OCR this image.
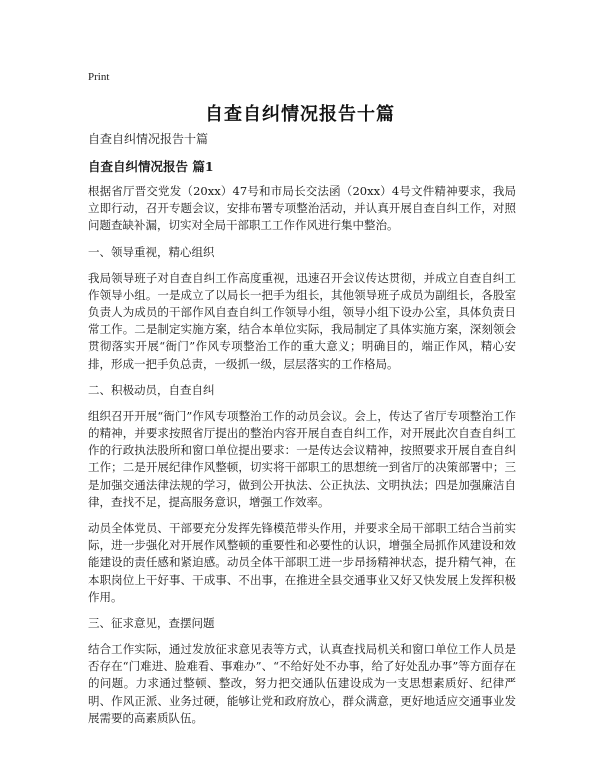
Print
自查自纠情况报告十篇

自查自纠情况报告十篇

自查自纠情况报告 篇1

根据省厅晋交党发（20xx）47号和市局长交法函（20xx）4号文件精神要求，我局立即行动，召开专题会议，安排布署专项整治活动，并认真开展自查自纠工作，对照问题查缺补漏，切实对全局干部职工工作作风进行集中整治。

一、领导重视，精心组织

我局领导班子对自查自纠工作高度重视，迅速召开会议传达贯彻，并成立自查自纠工作领导小组。一是成立了以局长一把手为组长，其他领导班子成员为副组长，各股室负责人为成员的干部作风自查自纠工作领导小组，领导小组下设办公室，具体负责日常工作。二是制定实施方案，结合本单位实际，我局制定了具体实施方案，深刻领会贯彻落实开展“衙门”作风专项整治工作的重大意义；明确目的，端正作风，精心安排，形成一把手负总责，一级抓一级，层层落实的工作格局。

二、积极动员，自查自纠

组织召开开展“衙门”作风专项整治工作的动员会议。会上，传达了省厅专项整治工作的精神，并要求按照省厅提出的整治内容开展自查自纠工作，对开展此次自查自纠工作的行政执法股所和窗口单位提出要求：一是传达会议精神，按照要求开展自查自纠工作；二是开展纪律作风整顿，切实将干部职工的思想统一到省厅的决策部署中；三是加强交通法律法规的学习，做到公开执法、公正执法、文明执法；四是加强廉洁自律，查找不足，提高服务意识，增强工作效率。

动员全体党员、干部要充分发挥先锋模范带头作用，并要求全局干部职工结合当前实际，进一步强化对开展作风整顿的重要性和必要性的认识，增强全局抓作风建设和效能建设的责任感和紧迫感。动员全体干部职工进一步昂扬精神状态，提升精气神，在本职岗位上干好事、干成事、不出事，在推进全县交通事业又好又快发展上发挥积极作用。

三、征求意见，查摆问题

结合工作实际，通过发放征求意见表等方式，认真查找局机关和窗口单位工作人员是否存在“门难进、脸难看、事难办”、“不给好处不办事，给了好处乱办事”等方面存在的问题。力求通过整顿、整改，努力把交通队伍建设成为一支思想素质好、纪律严明、作风正派、业务过硬，能够让党和政府放心，群众满意，更好地适应交通事业发展需要的高素质队伍。
